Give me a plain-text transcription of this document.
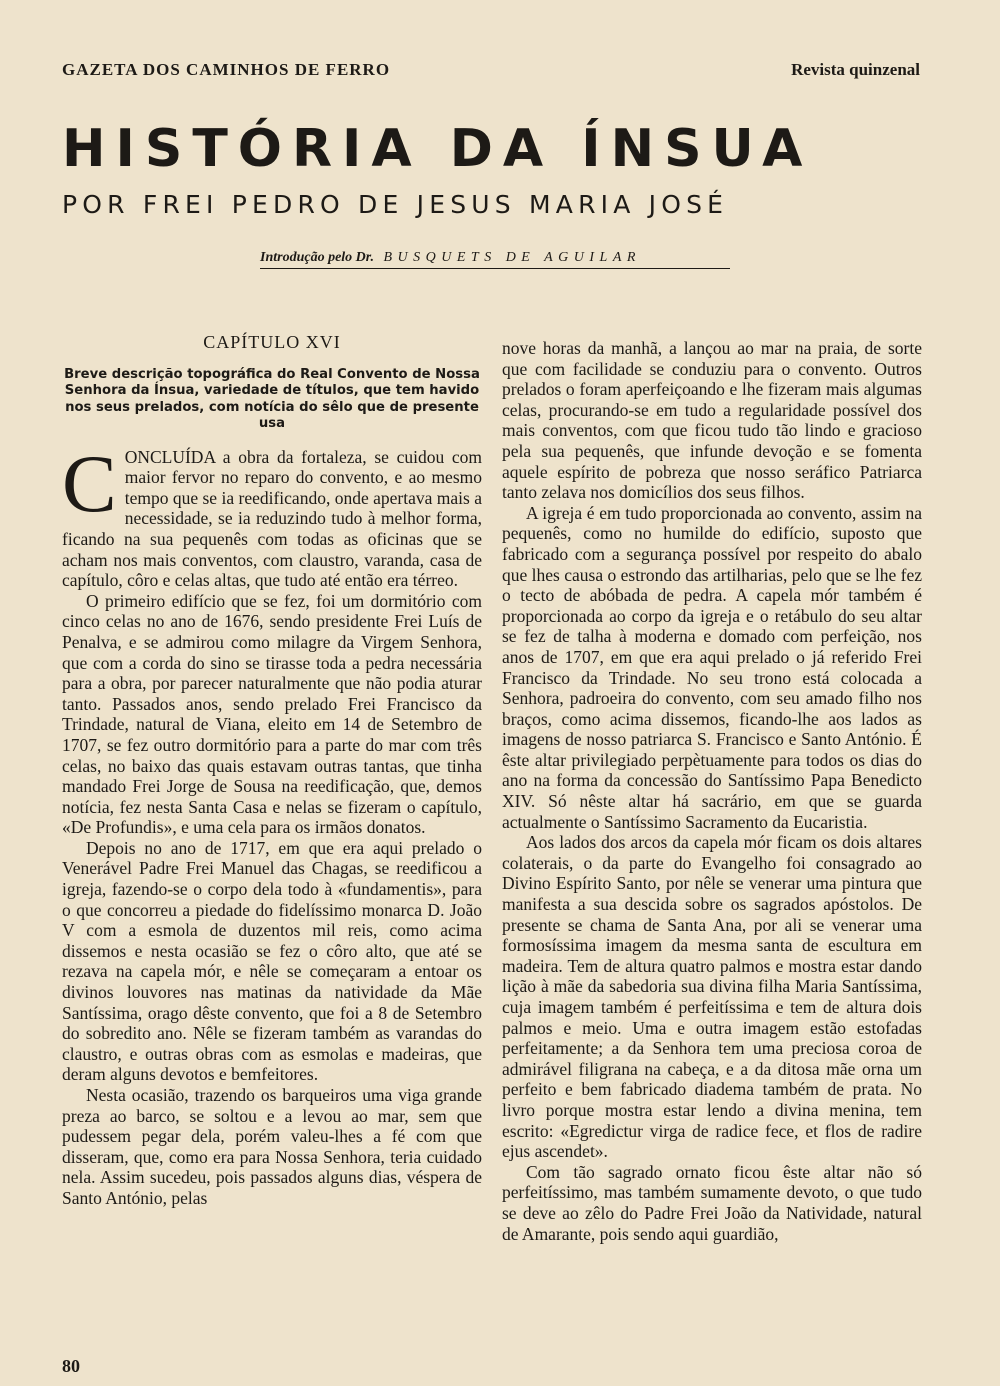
GAZETA DOS CAMINHOS DE FERRO	Revista quinzenal
HISTÓRIA DA ÍNSUA
POR FREI PEDRO DE JESUS MARIA JOSÉ
Introdução pelo Dr. BUSQUETS DE AGUILAR
CAPÍTULO XVI
Breve descrição topográfica do Real Convento de Nossa Senhora da Ínsua, variedade de títulos, que tem havido nos seus prelados, com notícia do sêlo que de presente usa

CONCLUÍDA a obra da fortaleza, se cuidou com maior fervor no reparo do convento, e ao mesmo tempo que se ia reedificando, onde apertava mais a necessidade, se ia reduzindo tudo à melhor forma, ficando na sua pequenês com todas as oficinas que se acham nos mais conventos, com claustro, varanda, casa de capítulo, côro e celas altas, que tudo até então era térreo.

O primeiro edifício que se fez, foi um dormitório com cinco celas no ano de 1676, sendo presidente Frei Luís de Penalva, e se admirou como milagre da Virgem Senhora, que com a corda do sino se tirasse toda a pedra necessária para a obra, por parecer naturalmente que não podia aturar tanto. Passados anos, sendo prelado Frei Francisco da Trindade, natural de Viana, eleito em 14 de Setembro de 1707, se fez outro dormitório para a parte do mar com três celas, no baixo das quais estavam outras tantas, que tinha mandado Frei Jorge de Sousa na reedificação, que, demos notícia, fez nesta Santa Casa e nelas se fizeram o capítulo, «De Profundis», e uma cela para os irmãos donatos.

Depois no ano de 1717, em que era aqui prelado o Venerável Padre Frei Manuel das Chagas, se reedificou a igreja, fazendo-se o corpo dela todo à «fundamentis», para o que concorreu a piedade do fidelíssimo monarca D. João V com a esmola de duzentos mil reis, como acima dissemos e nesta ocasião se fez o côro alto, que até se rezava na capela mór, e nêle se começaram a entoar os divinos louvores nas matinas da natividade da Mãe Santíssima, orago dêste convento, que foi a 8 de Setembro do sobredito ano. Nêle se fizeram também as varandas do claustro, e outras obras com as esmolas e madeiras, que deram alguns devotos e bemfeitores.

Nesta ocasião, trazendo os barqueiros uma viga grande preza ao barco, se soltou e a levou ao mar, sem que pudessem pegar dela, porém valeu-lhes a fé com que disseram, que, como era para Nossa Senhora, teria cuidado nela. Assim sucedeu, pois passados alguns dias, véspera de Santo António, pelas

nove horas da manhã, a lançou ao mar na praia, de sorte que com facilidade se conduziu para o convento. Outros prelados o foram aperfeiçoando e lhe fizeram mais algumas celas, procurando-se em tudo a regularidade possível dos mais conventos, com que ficou tudo tão lindo e gracioso pela sua pequenês, que infunde devoção e se fomenta aquele espírito de pobreza que nosso seráfico Patriarca tanto zelava nos domicílios dos seus filhos.

A igreja é em tudo proporcionada ao convento, assim na pequenês, como no humilde do edifício, suposto que fabricado com a segurança possível por respeito do abalo que lhes causa o estrondo das artilharias, pelo que se lhe fez o tecto de abóbada de pedra. A capela mór também é proporcionada ao corpo da igreja e o retábulo do seu altar se fez de talha à moderna e domado com perfeição, nos anos de 1707, em que era aqui prelado o já referido Frei Francisco da Trindade. No seu trono está colocada a Senhora, padroeira do convento, com seu amado filho nos braços, como acima dissemos, ficando-lhe aos lados as imagens de nosso patriarca S. Francisco e Santo António. É êste altar privilegiado perpètuamente para todos os dias do ano na forma da concessão do Santíssimo Papa Benedicto XIV. Só nêste altar há sacrário, em que se guarda actualmente o Santíssimo Sacramento da Eucaristia.

Aos lados dos arcos da capela mór ficam os dois altares colaterais, o da parte do Evangelho foi consagrado ao Divino Espírito Santo, por nêle se venerar uma pintura que manifesta a sua descida sobre os sagrados apóstolos. De presente se chama de Santa Ana, por ali se venerar uma formosíssima imagem da mesma santa de escultura em madeira. Tem de altura quatro palmos e mostra estar dando lição à mãe da sabedoria sua divina filha Maria Santíssima, cuja imagem também é perfeitíssima e tem de altura dois palmos e meio. Uma e outra imagem estão estofadas perfeitamente; a da Senhora tem uma preciosa coroa de admirável filigrana na cabeça, e a da ditosa mãe orna um perfeito e bem fabricado diadema também de prata. No livro porque mostra estar lendo a divina menina, tem escrito: «Egredictur virga de radice fece, et flos de radire ejus ascendet».

Com tão sagrado ornato ficou êste altar não só perfeitíssimo, mas também sumamente devoto, o que tudo se deve ao zêlo do Padre Frei João da Natividade, natural de Amarante, pois sendo aqui guardião,

80
